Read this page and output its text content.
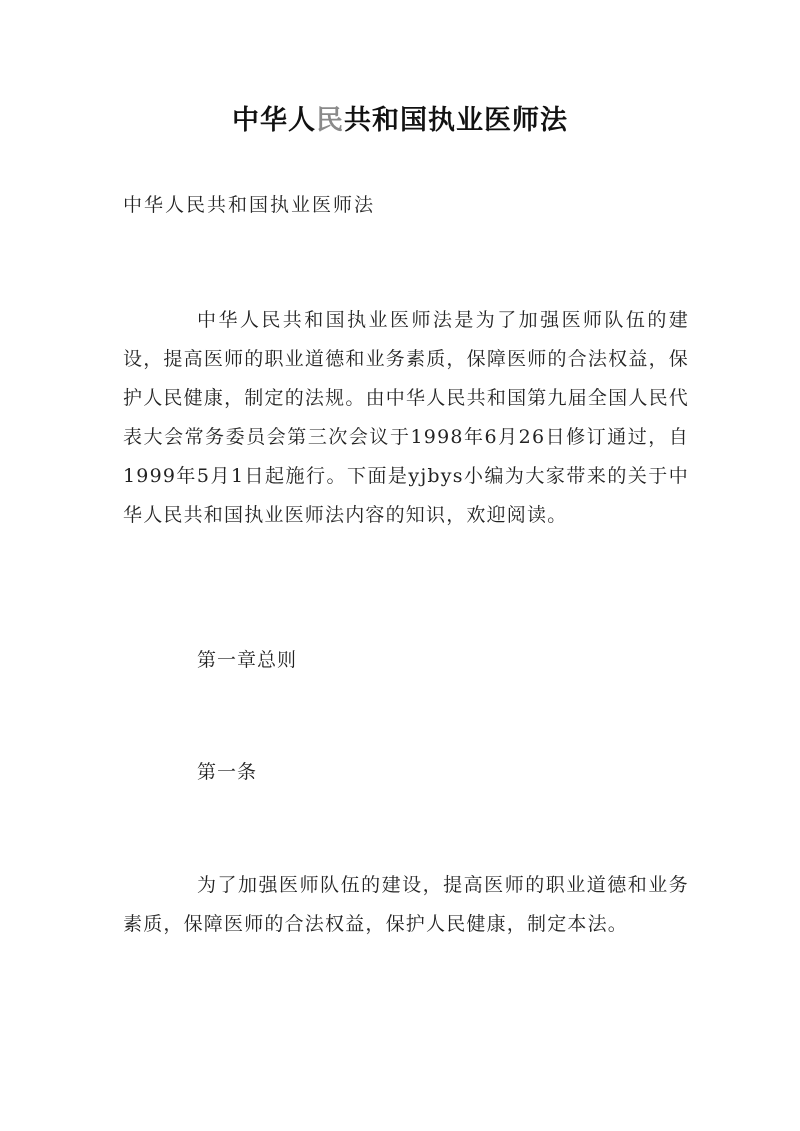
中华人民共和国执业医师法
中华人民共和国执业医师法

中华人民共和国执业医师法是为了加强医师队伍的建设，提高医师的职业道德和业务素质，保障医师的合法权益，保护人民健康，制定的法规。由中华人民共和国第九届全国人民代表大会常务委员会第三次会议于1998年6月26日修订通过，自1999年5月1日起施行。下面是yjbys小编为大家带来的关于中华人民共和国执业医师法内容的知识，欢迎阅读。

第一章总则
第一条

为了加强医师队伍的建设，提高医师的职业道德和业务素质，保障医师的合法权益，保护人民健康，制定本法。
